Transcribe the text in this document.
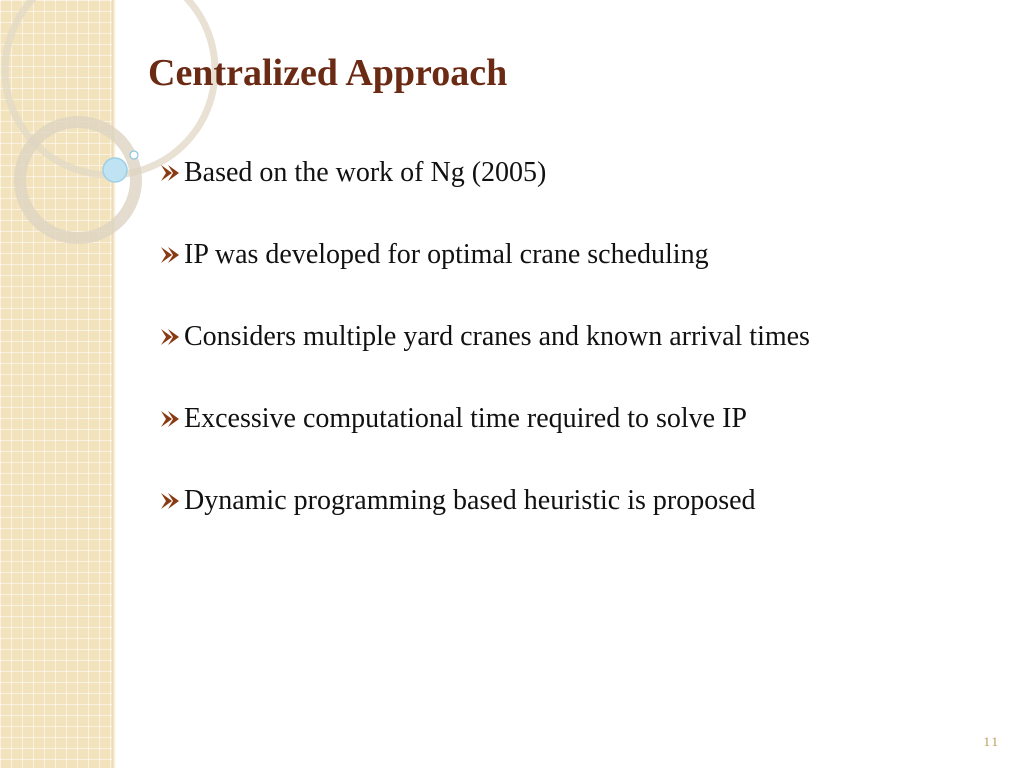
Centralized Approach
Based on the work of Ng (2005)
IP was developed for optimal crane scheduling
Considers multiple yard cranes and known arrival times
Excessive computational time required to solve IP
Dynamic programming based heuristic is proposed
11
